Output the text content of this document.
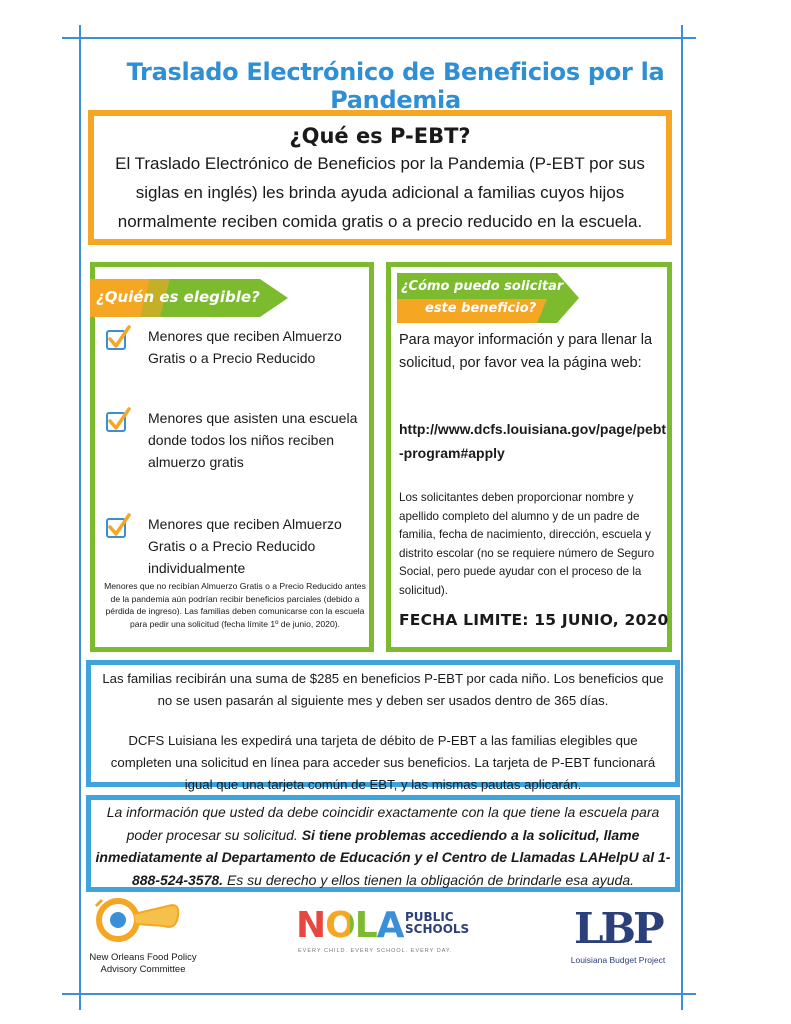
Traslado Electrónico de Beneficios por la Pandemia
¿Qué es P-EBT?
El Traslado Electrónico de Beneficios por la Pandemia (P-EBT por sus siglas en inglés) les brinda ayuda adicional a familias cuyos hijos normalmente reciben comida gratis o a precio reducido en la escuela.
¿Quién es elegible?
Menores que reciben Almuerzo Gratis o a Precio Reducido
Menores que asisten una escuela donde todos los niños reciben almuerzo gratis
Menores que reciben Almuerzo Gratis o a Precio Reducido individualmente
Menores que no recibían Almuerzo Gratis o a Precio Reducido antes de la pandemia aún podrían recibir beneficios parciales (debido a pérdida de ingreso). Las familias deben comunicarse con la escuela para pedir una solicitud (fecha límite 1º de junio, 2020).
¿Cómo puedo solicitar
este beneficio?
Para mayor información y para llenar la solicitud, por favor vea la página web:
http://www.dcfs.louisiana.gov/page/pebt-program#apply
Los solicitantes deben proporcionar nombre y apellido completo del alumno y de un padre de familia, fecha de nacimiento, dirección, escuela y distrito escolar (no se requiere número de Seguro Social, pero puede ayudar con el proceso de la solicitud).
FECHA LIMITE: 15 JUNIO, 2020
Las familias recibirán una suma de $285 en beneficios P-EBT por cada niño. Los beneficios que no se usen pasarán al siguiente mes y deben ser usados dentro de 365 días.
DCFS Luisiana les expedirá una tarjeta de débito de P-EBT a las familias elegibles que completen una solicitud en línea para acceder sus beneficios. La tarjeta de P-EBT funcionará igual que una tarjeta común de EBT, y las mismas pautas aplicarán.
La información que usted da debe coincidir exactamente con la que tiene la escuela para poder procesar su solicitud. Si tiene problemas accediendo a la solicitud, llame inmediatamente al Departamento de Educación y el Centro de Llamadas LAHelpU al 1-888-524-3578. Es su derecho y ellos tienen la obligación de brindarle esa ayuda.
New Orleans Food Policy
Advisory Committee
NOLA PUBLIC
SCHOOLS
EVERY CHILD. EVERY SCHOOL. EVERY DAY.	LBP
Louisiana Budget Project
